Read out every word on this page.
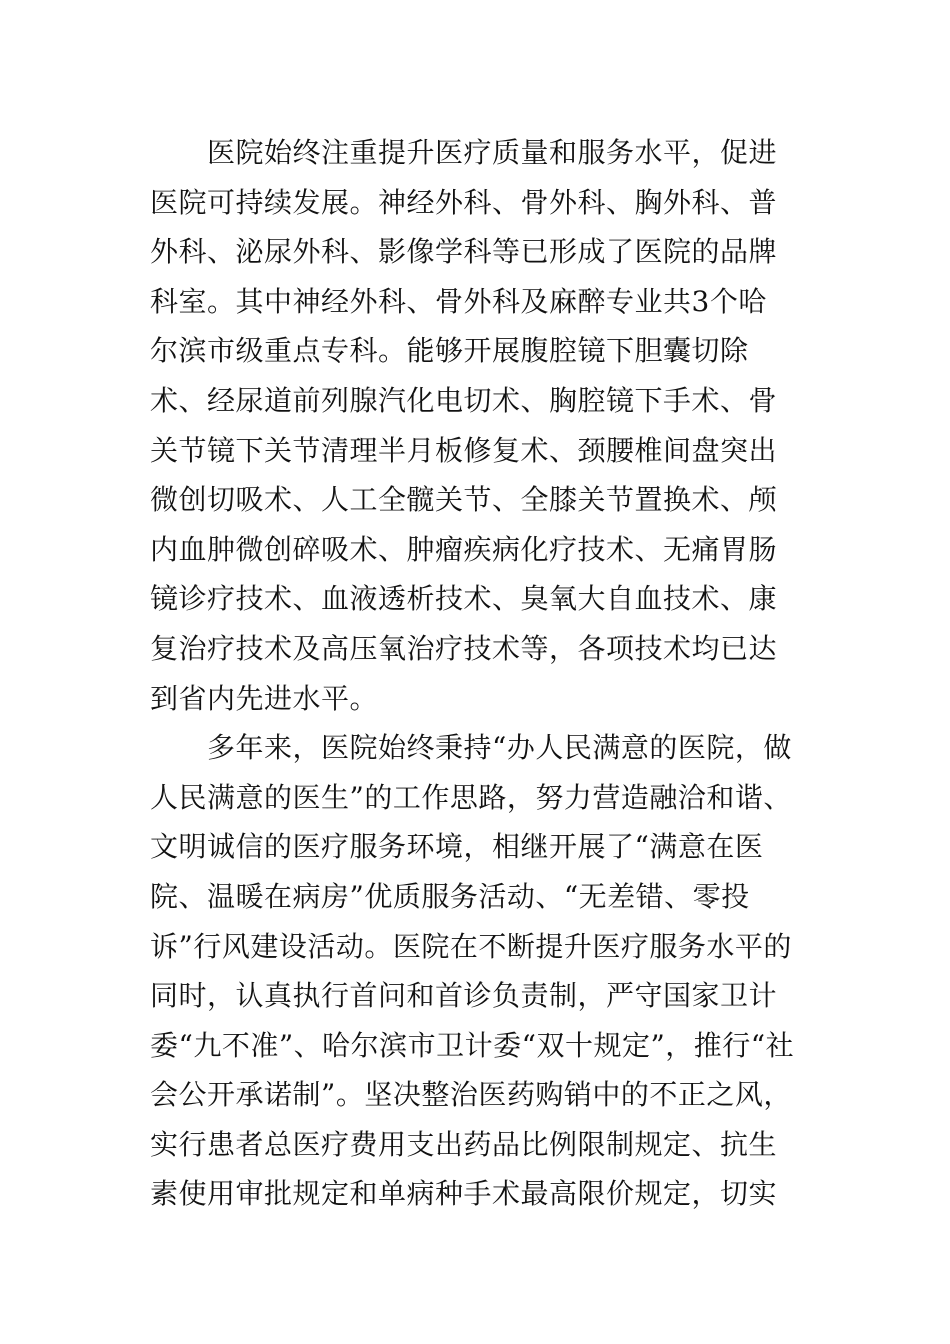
医院始终注重提升医疗质量和服务水平，促进
医院可持续发展。神经外科、骨外科、胸外科、普
外科、泌尿外科、影像学科等已形成了医院的品牌
科室。其中神经外科、骨外科及麻醉专业共3个哈
尔滨市级重点专科。能够开展腹腔镜下胆囊切除
术、经尿道前列腺汽化电切术、胸腔镜下手术、骨
关节镜下关节清理半月板修复术、颈腰椎间盘突出
微创切吸术、人工全髋关节、全膝关节置换术、颅
内血肿微创碎吸术、肿瘤疾病化疗技术、无痛胃肠
镜诊疗技术、血液透析技术、臭氧大自血技术、康
复治疗技术及高压氧治疗技术等，各项技术均已达
到省内先进水平。

多年来，医院始终秉持“办人民满意的医院，做
人民满意的医生”的工作思路，努力营造融洽和谐、
文明诚信的医疗服务环境，相继开展了“满意在医
院、温暖在病房”优质服务活动、“无差错、零投
诉”行风建设活动。医院在不断提升医疗服务水平的
同时，认真执行首问和首诊负责制，严守国家卫计
委“九不准”、哈尔滨市卫计委“双十规定”，推行“社
会公开承诺制”。坚决整治医药购销中的不正之风，
实行患者总医疗费用支出药品比例限制规定、抗生
素使用审批规定和单病种手术最高限价规定，切实
